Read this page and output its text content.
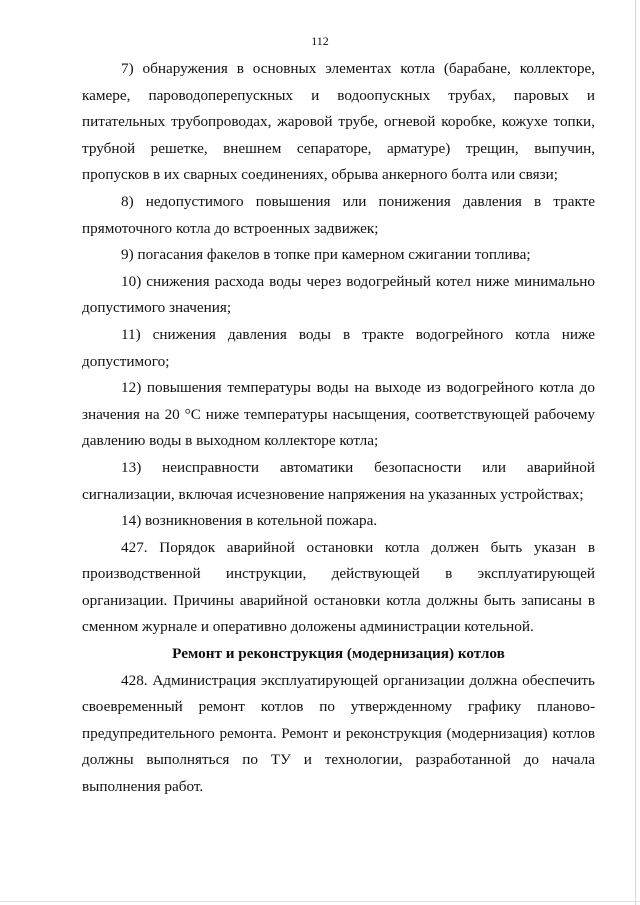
112

7) обнаружения в основных элементах котла (барабане, коллекторе, камере, пароводоперепускных и водоопускных трубах, паровых и питательных трубопроводах, жаровой трубе, огневой коробке, кожухе топки, трубной решетке, внешнем сепараторе, арматуре) трещин, выпучин, пропусков в их сварных соединениях, обрыва анкерного болта или связи;

8) недопустимого повышения или понижения давления в тракте прямоточного котла до встроенных задвижек;

9) погасания факелов в топке при камерном сжигании топлива;

10) снижения расхода воды через водогрейный котел ниже минимально допустимого значения;

11) снижения давления воды в тракте водогрейного котла ниже допустимого;

12) повышения температуры воды на выходе из водогрейного котла до значения на 20 °С ниже температуры насыщения, соответствующей рабочему давлению воды в выходном коллекторе котла;

13) неисправности автоматики безопасности или аварийной сигнализации, включая исчезновение напряжения на указанных устройствах;

14) возникновения в котельной пожара.

427. Порядок аварийной остановки котла должен быть указан в производственной инструкции, действующей в эксплуатирующей организации. Причины аварийной остановки котла должны быть записаны в сменном журнале и оперативно доложены администрации котельной.

Ремонт и реконструкция (модернизация) котлов

428. Администрация эксплуатирующей организации должна обеспечить своевременный ремонт котлов по утвержденному графику планово-предупредительного ремонта. Ремонт и реконструкция (модернизация) котлов должны выполняться по ТУ и технологии, разработанной до начала выполнения работ.
